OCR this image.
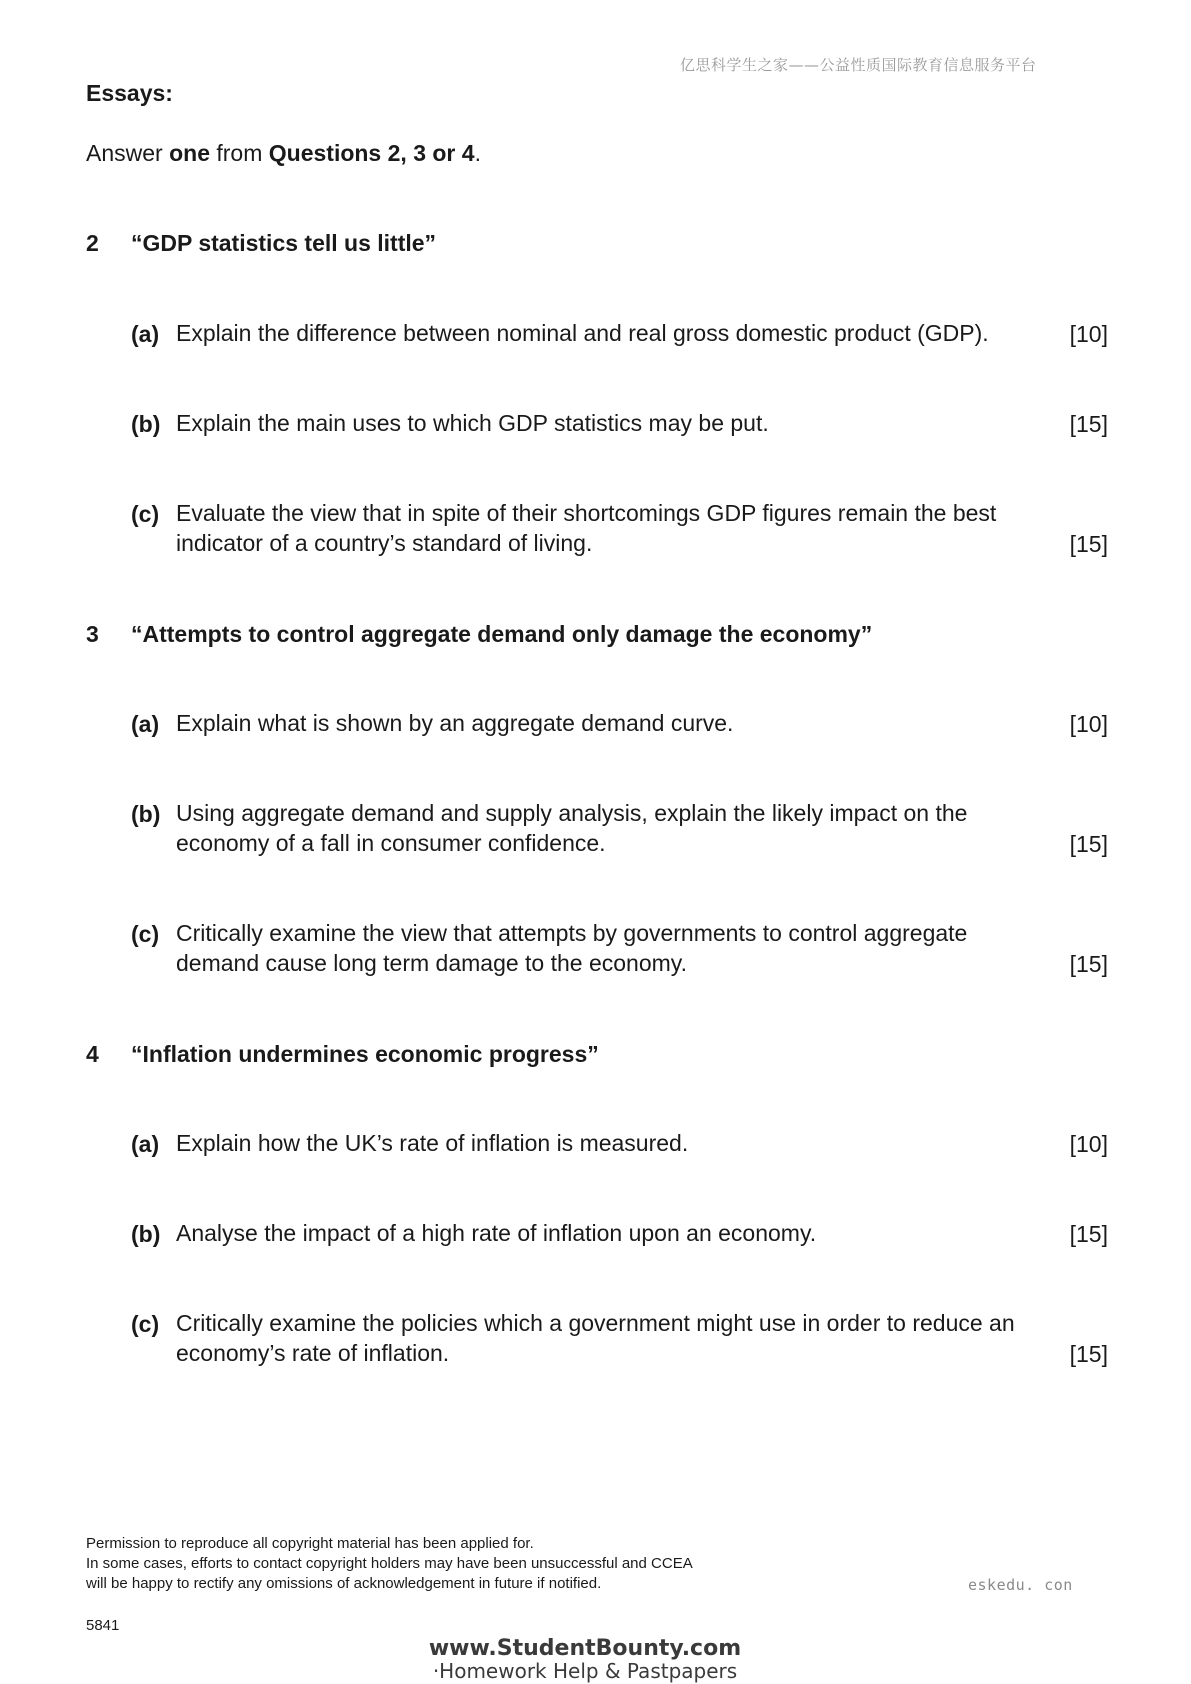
亿思科学生之家——公益性质国际教育信息服务平台
Essays:
Answer one from Questions 2, 3 or 4.
2 “GDP statistics tell us little”
(a) Explain the difference between nominal and real gross domestic product (GDP).	[10]
(b) Explain the main uses to which GDP statistics may be put.	[15]
(c) Evaluate the view that in spite of their shortcomings GDP figures remain the best indicator of a country’s standard of living.	[15]
3 “Attempts to control aggregate demand only damage the economy”
(a) Explain what is shown by an aggregate demand curve.	[10]
(b) Using aggregate demand and supply analysis, explain the likely impact on the economy of a fall in consumer confidence.	[15]
(c) Critically examine the view that attempts by governments to control aggregate demand cause long term damage to the economy.	[15]
4 “Inflation undermines economic progress”
(a) Explain how the UK’s rate of inflation is measured.	[10]
(b) Analyse the impact of a high rate of inflation upon an economy.	[15]
(c) Critically examine the policies which a government might use in order to reduce an economy’s rate of inflation.	[15]
Permission to reproduce all copyright material has been applied for.
In some cases, efforts to contact copyright holders may have been unsuccessful and CCEA
will be happy to rectify any omissions of acknowledgement in future if notified.	eskedu. con
5841
www.StudentBounty.com
·Homework Help & Pastpapers
